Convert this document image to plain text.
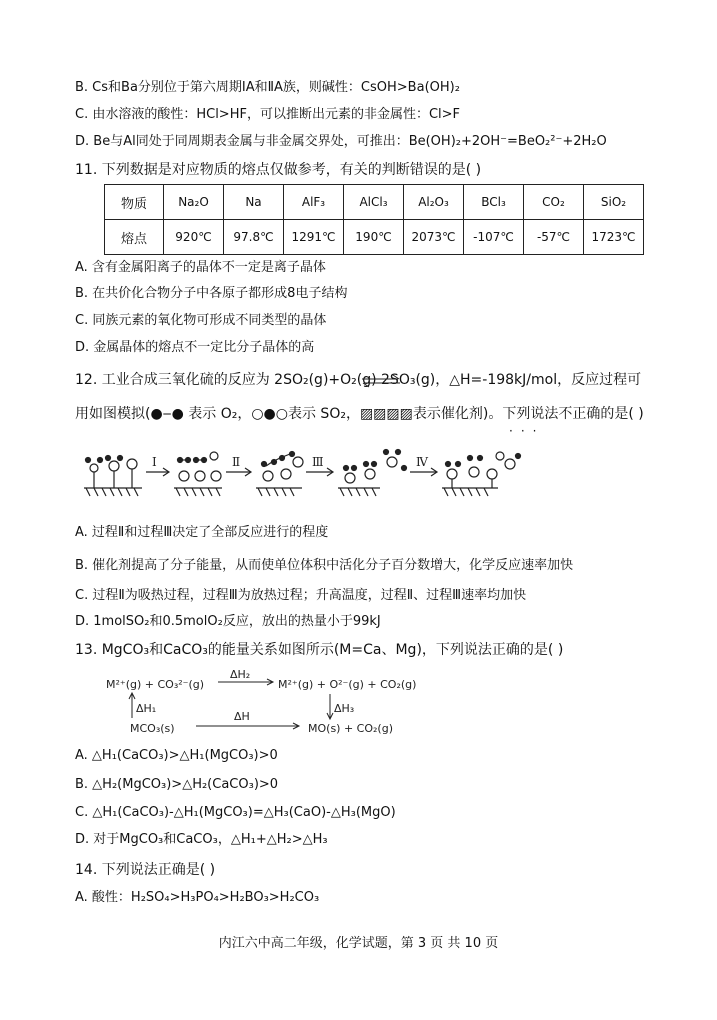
B. Cs和Ba分别位于第六周期ⅠA和ⅡA族，则碱性：CsOH>Ba(OH)₂
C. 由水溶液的酸性：HCl>HF，可以推断出元素的非金属性：Cl>F
D. Be与Al同处于同周期表金属与非金属交界处，可推出：Be(OH)₂+2OH⁻=BeO₂²⁻+2H₂O
11. 下列数据是对应物质的熔点仅做参考，有关的判断错误的是( )
物质	Na₂O	Na	AlF₃	AlCl₃	Al₂O₃	BCl₃	CO₂	SiO₂
熔点	920℃	97.8℃	1291℃	190℃	2073℃	-107℃	-57℃	1723℃
A. 含有金属阳离子的晶体不一定是离子晶体
B. 在共价化合物分子中各原子都形成8电子结构
C. 同族元素的氧化物可形成不同类型的晶体
D. 金属晶体的熔点不一定比分子晶体的高
12. 工业合成三氧化硫的反应为 2SO₂(g)+O₂(g) 2SO₃(g)，△H=-198kJ/mol，反应过程可
用如图模拟(●‒● 表示 O₂，○●○表示 SO₂，▨▨▨▨表示催化剂)。下列说法不正确的是( )
···
Ⅰ	Ⅱ	Ⅲ	Ⅳ
A. 过程Ⅱ和过程Ⅲ决定了全部反应进行的程度
B. 催化剂提高了分子能量，从而使单位体积中活化分子百分数增大，化学反应速率加快
C. 过程Ⅱ为吸热过程，过程Ⅲ为放热过程；升高温度，过程Ⅱ、过程Ⅲ速率均加快
D. 1molSO₂和0.5molO₂反应，放出的热量小于99kJ
13. MgCO₃和CaCO₃的能量关系如图所示(M=Ca、Mg)，下列说法正确的是( )
M²⁺(g) + CO₃²⁻(g)	M²⁺(g) + O²⁻(g) + CO₂(g)
MCO₃(s)	MO(s) + CO₂(g)
ΔH₁
ΔH₂
ΔH₃
ΔH
A. △H₁(CaCO₃)>△H₁(MgCO₃)>0
B. △H₂(MgCO₃)>△H₂(CaCO₃)>0
C. △H₁(CaCO₃)-△H₁(MgCO₃)=△H₃(CaO)-△H₃(MgO)
D. 对于MgCO₃和CaCO₃，△H₁+△H₂>△H₃
14. 下列说法正确是( )
A. 酸性：H₂SO₄>H₃PO₄>H₂BO₃>H₂CO₃
内江六中高二年级，化学试题，第 3 页 共 10 页
